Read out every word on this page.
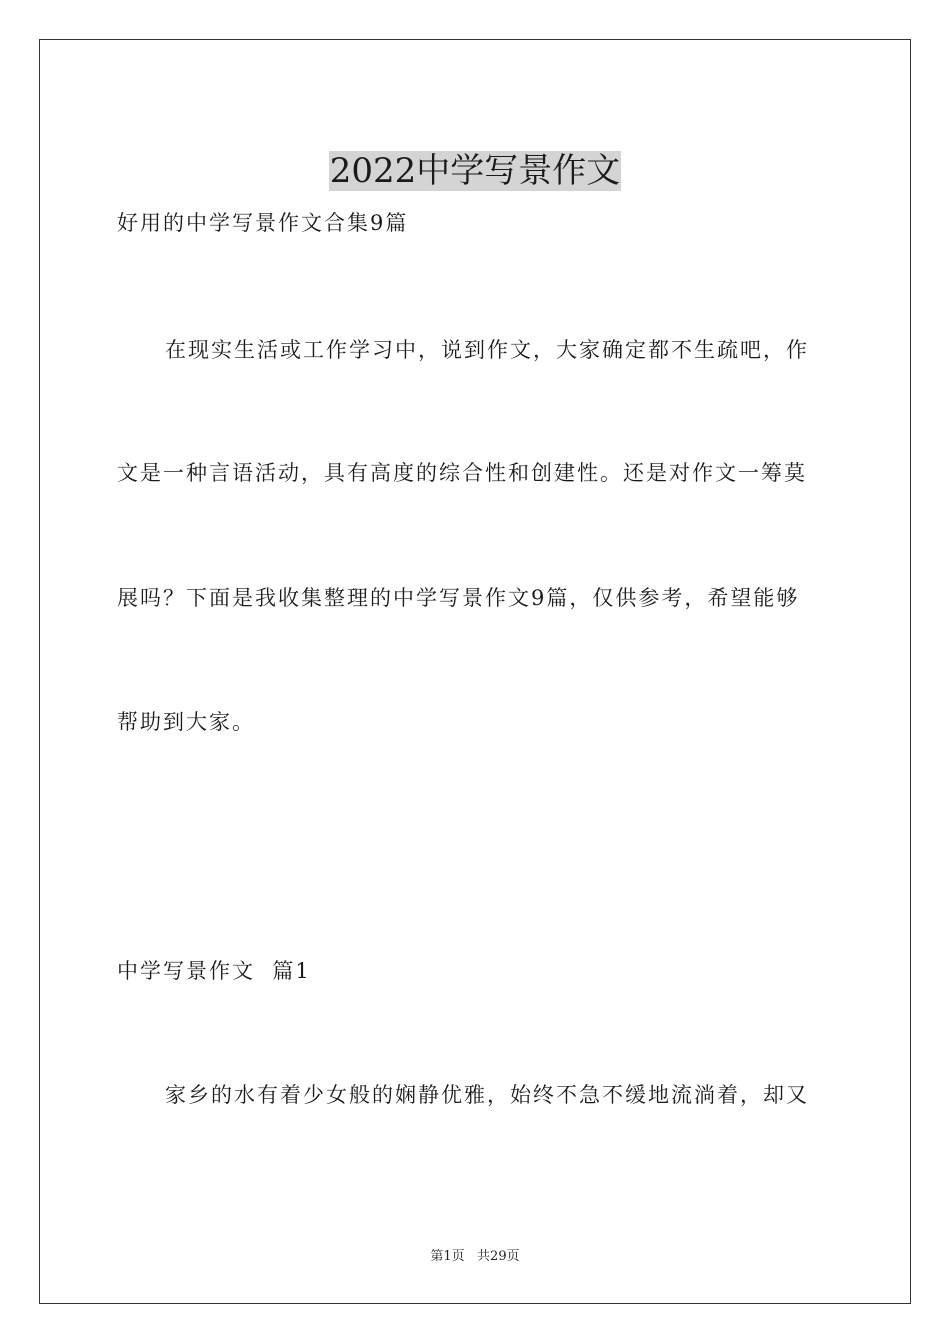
2022中学写景作文
好用的中学写景作文合集9篇
在现实生活或工作学习中，说到作文，大家确定都不生疏吧，作
文是一种言语活动，具有高度的综合性和创建性。还是对作文一筹莫
展吗？下面是我收集整理的中学写景作文9篇，仅供参考，希望能够
帮助到大家。
中学写景作文  篇1
家乡的水有着少女般的娴静优雅，始终不急不缓地流淌着，却又
第1页   共29页
